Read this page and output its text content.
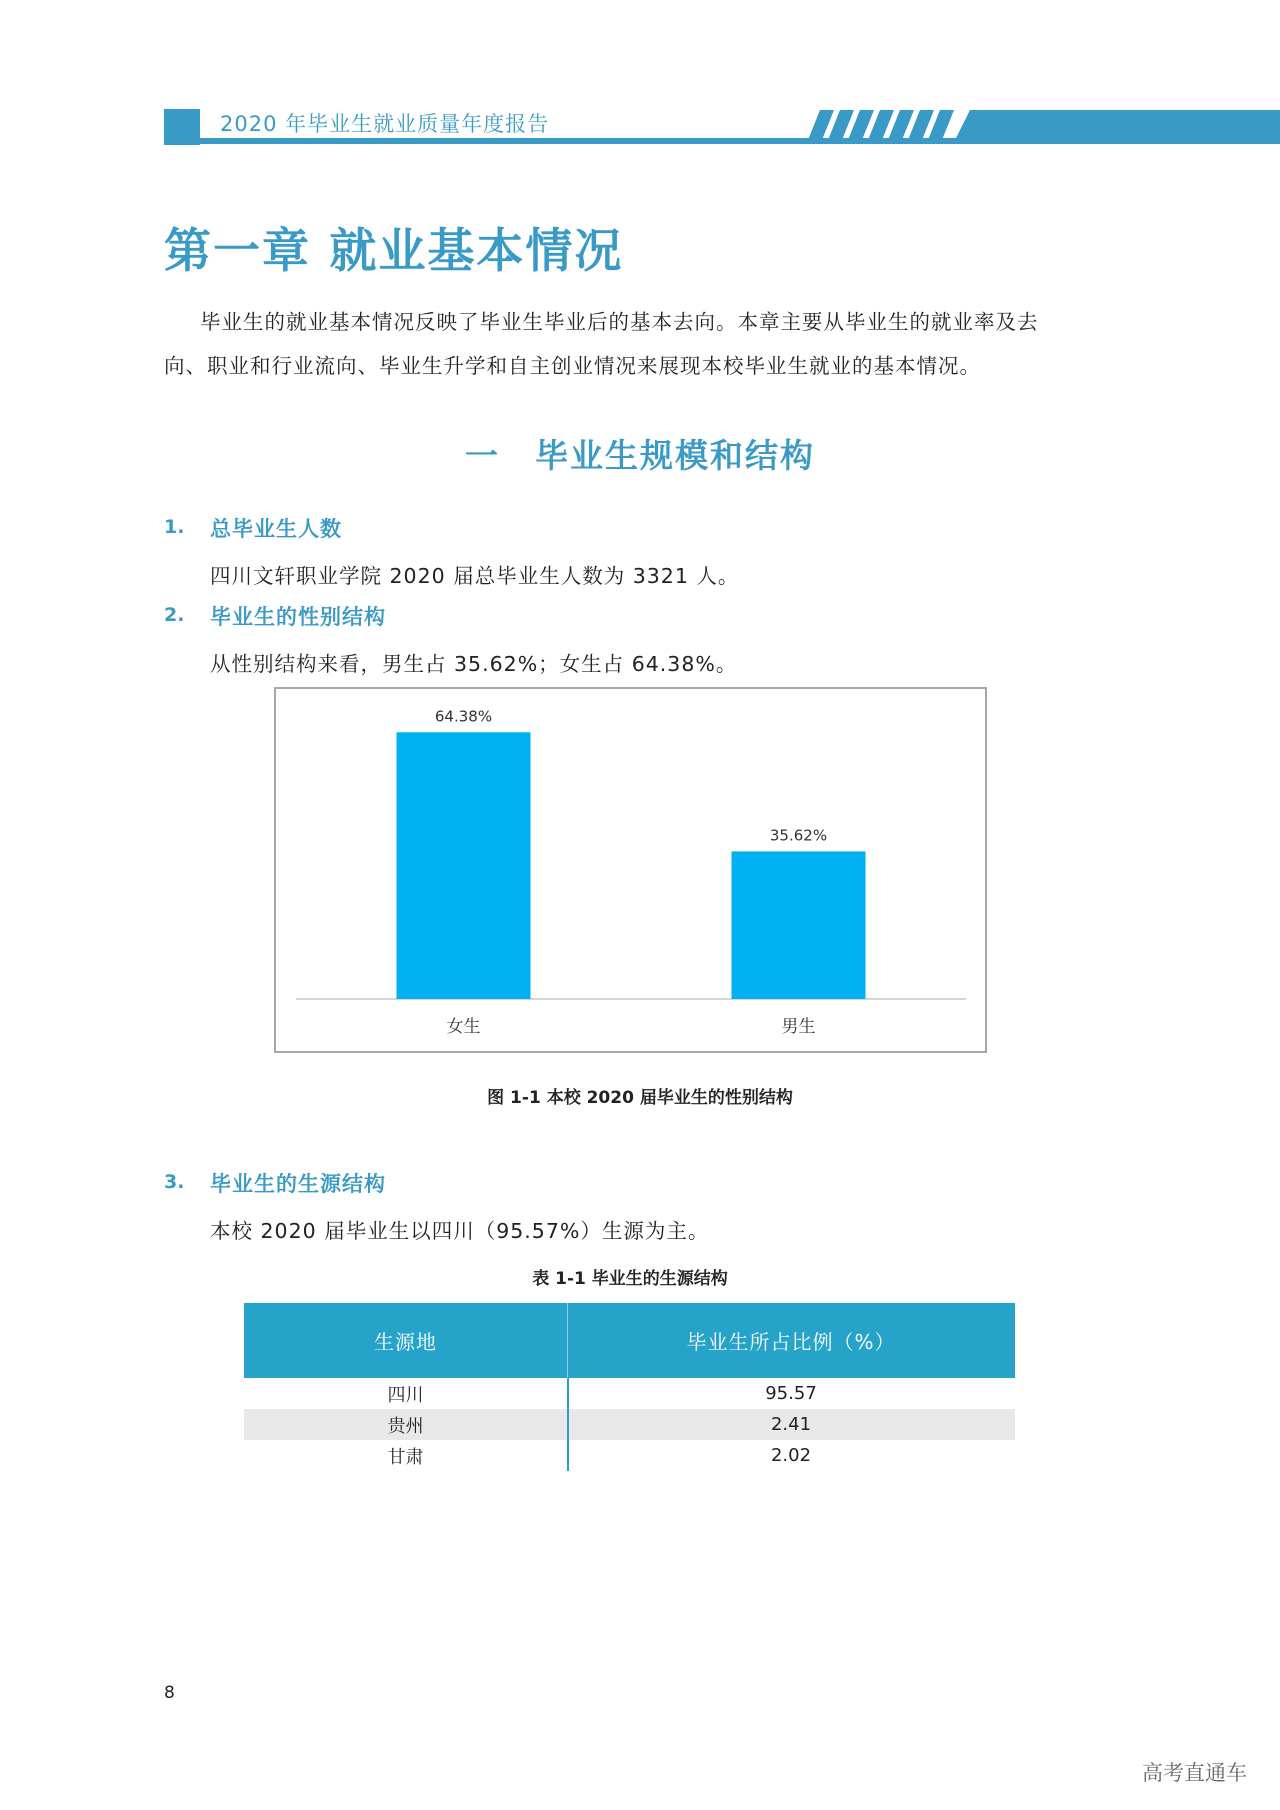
2020 年毕业生就业质量年度报告
第一章 就业基本情况
毕业生的就业基本情况反映了毕业生毕业后的基本去向。本章主要从毕业生的就业率及去
向、职业和行业流向、毕业生升学和自主创业情况来展现本校毕业生就业的基本情况。
一　毕业生规模和结构
1. 总毕业生人数
四川文轩职业学院 2020 届总毕业生人数为 3321 人。
2. 毕业生的性别结构
从性别结构来看，男生占 35.62%；女生占 64.38%。
64.38%
女生
35.62%
男生
图 1-1 本校 2020 届毕业生的性别结构
3. 毕业生的生源结构
本校 2020 届毕业生以四川（95.57%）生源为主。
表 1-1 毕业生的生源结构
生源地	毕业生所占比例（%）
四川	95.57
贵州	2.41
甘肃	2.02
8
高考直通车
